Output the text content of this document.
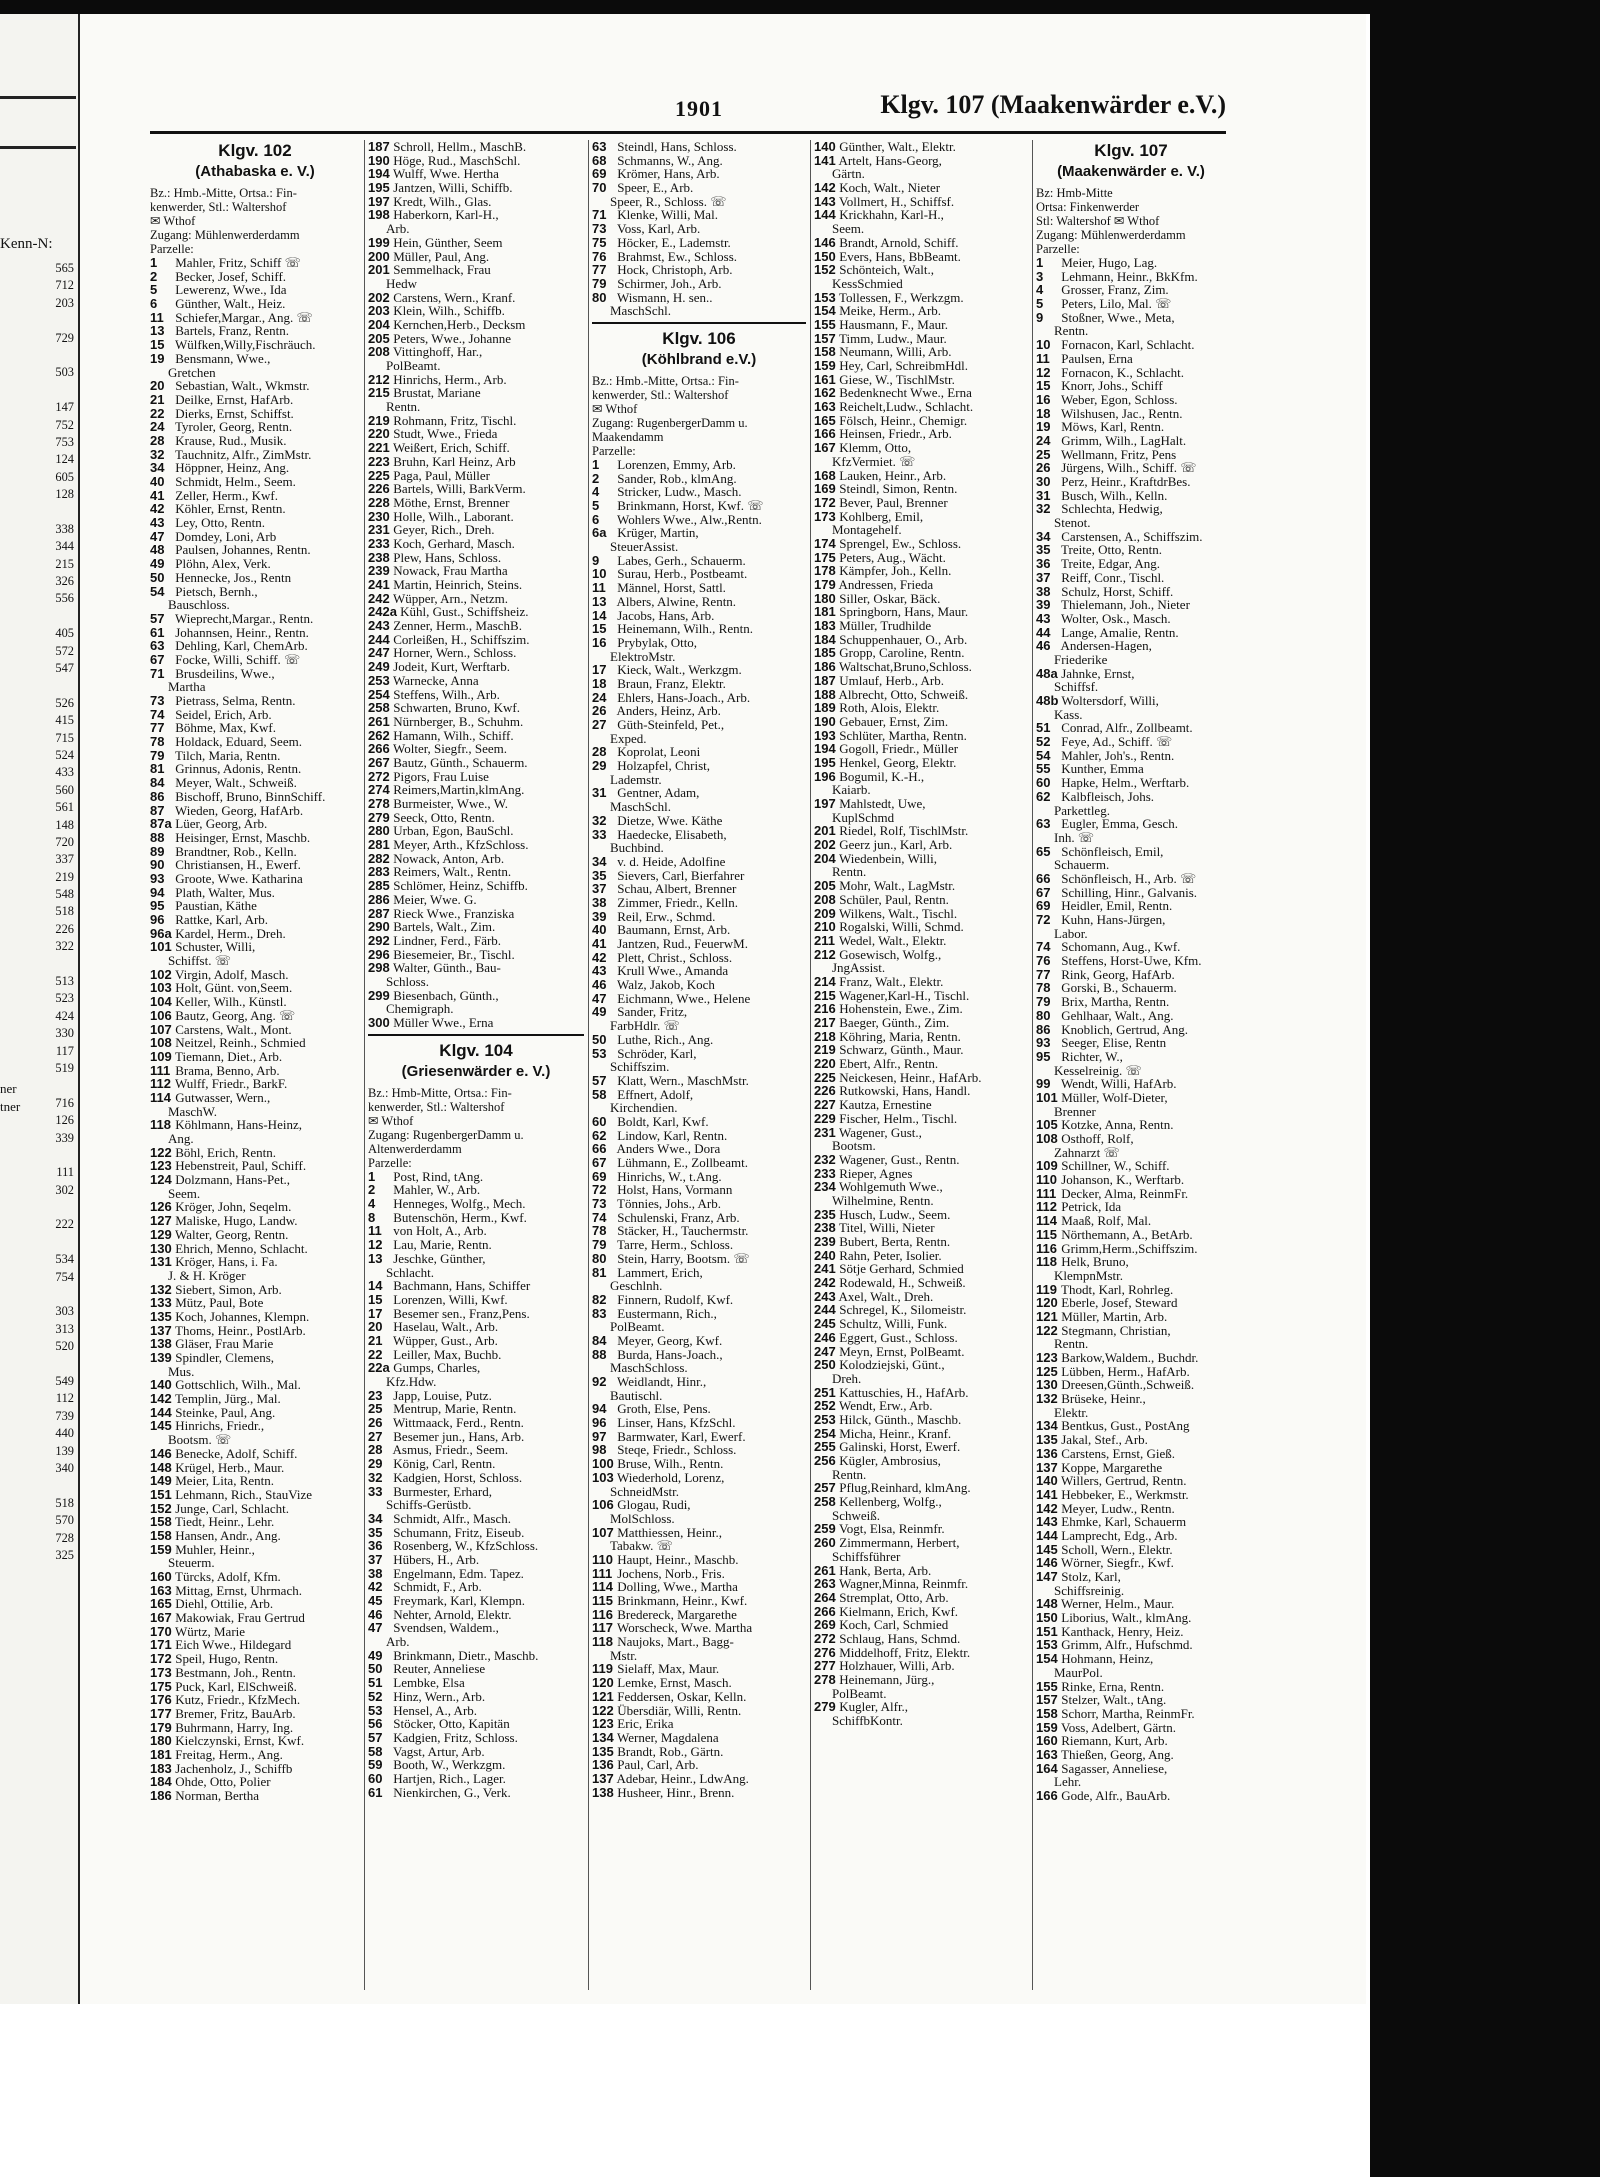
Kenn-N:
565
712
203
729
503
147
752
753
124
605
128
338
344
215
326
556
405
572
547
526
415
715
524
433
560
561
148
720
337
219
548
518
226
322
513
523
424
330
117
519
716
126
339
111
302
222
534
754
303
313
520
549
112
739
440
139
340
518
570
728
325
ner
tner
1901	Klgv. 107 (Maakenwärder e.V.)
Klgv. 102
(Athabaska e. V.)
Bz.: Hmb.-Mitte, Ortsa.: Fin-
kenwerder, Stl.: Waltershof
✉ Wthof
Zugang: Mühlenwerderdamm
Parzelle:
1 Mahler, Fritz, Schiff ☏
2 Becker, Josef, Schiff.
5 Lewerenz, Wwe., Ida
6 Günther, Walt., Heiz.
11 Schiefer,Margar., Ang. ☏
13 Bartels, Franz, Rentn.
15 Wülfken,Willy,Fischräuch.
19 Bensmann, Wwe.,
Gretchen
20 Sebastian, Walt., Wkmstr.
21 Deilke, Ernst, HafArb.
22 Dierks, Ernst, Schiffst.
24 Tyroler, Georg, Rentn.
28 Krause, Rud., Musik.
32 Tauchnitz, Alfr., ZimMstr.
34 Höppner, Heinz, Ang.
40 Schmidt, Helm., Seem.
41 Zeller, Herm., Kwf.
42 Köhler, Ernst, Rentn.
43 Ley, Otto, Rentn.
47 Domdey, Loni, Arb
48 Paulsen, Johannes, Rentn.
49 Plöhn, Alex, Verk.
50 Hennecke, Jos., Rentn
54 Pietsch, Bernh.,
Bauschloss.
57 Wieprecht,Margar., Rentn.
61 Johannsen, Heinr., Rentn.
63 Dehling, Karl, ChemArb.
67 Focke, Willi, Schiff. ☏
71 Brusdeilins, Wwe.,
Martha
73 Pietrass, Selma, Rentn.
74 Seidel, Erich, Arb.
77 Böhme, Max, Kwf.
78 Holdack, Eduard, Seem.
79 Tilch, Maria, Rentn.
81 Grinnus, Adonis, Rentn.
84 Meyer, Walt., Schweiß.
86 Bischoff, Bruno, BinnSchiff.
87 Wieden, Georg, HafArb.
87a Lüer, Georg, Arb.
88 Heisinger, Ernst, Maschb.
89 Brandtner, Rob., Kelln.
90 Christiansen, H., Ewerf.
93 Groote, Wwe. Katharina
94 Plath, Walter, Mus.
95 Paustian, Käthe
96 Rattke, Karl, Arb.
96a Kardel, Herm., Dreh.
101 Schuster, Willi,
Schiffst. ☏
102 Virgin, Adolf, Masch.
103 Holt, Günt. von,Seem.
104 Keller, Wilh., Künstl.
106 Bautz, Georg, Ang. ☏
107 Carstens, Walt., Mont.
108 Neitzel, Reinh., Schmied
109 Tiemann, Diet., Arb.
111 Brama, Benno, Arb.
112 Wulff, Friedr., BarkF.
114 Gutwasser, Wern.,
MaschW.
118 Köhlmann, Hans-Heinz,
Ang.
122 Böhl, Erich, Rentn.
123 Hebenstreit, Paul, Schiff.
124 Dolzmann, Hans-Pet.,
Seem.
126 Kröger, John, Seqelm.
127 Maliske, Hugo, Landw.
129 Walter, Georg, Rentn.
130 Ehrich, Menno, Schlacht.
131 Kröger, Hans, i. Fa.
J. & H. Kröger
132 Siebert, Simon, Arb.
133 Mütz, Paul, Bote
135 Koch, Johannes, Klempn.
137 Thoms, Heinr., PostlArb.
138 Gläser, Frau Marie
139 Spindler, Clemens,
Mus.
140 Gottschlich, Wilh., Mal.
142 Templin, Jürg., Mal.
144 Steinke, Paul, Ang.
145 Hinrichs, Friedr.,
Bootsm. ☏
146 Benecke, Adolf, Schiff.
148 Krügel, Herb., Maur.
149 Meier, Lita, Rentn.
151 Lehmann, Rich., StauVize
152 Junge, Carl, Schlacht.
158 Tiedt, Heinr., Lehr.
158 Hansen, Andr., Ang.
159 Muhler, Heinr.,
Steuerm.
160 Türcks, Adolf, Kfm.
163 Mittag, Ernst, Uhrmach.
165 Diehl, Ottilie, Arb.
167 Makowiak, Frau Gertrud
170 Würtz, Marie
171 Eich Wwe., Hildegard
172 Speil, Hugo, Rentn.
173 Bestmann, Joh., Rentn.
175 Puck, Karl, ElSchweiß.
176 Kutz, Friedr., KfzMech.
177 Bremer, Fritz, BauArb.
179 Buhrmann, Harry, Ing.
180 Kielczynski, Ernst, Kwf.
181 Freitag, Herm., Ang.
183 Jachenholz, J., Schiffb
184 Ohde, Otto, Polier
186 Norman, Bertha
187 Schroll, Hellm., MaschB.
190 Höge, Rud., MaschSchl.
194 Wulff, Wwe. Hertha
195 Jantzen, Willi, Schiffb.
197 Kredt, Wilh., Glas.
198 Haberkorn, Karl-H.,
Arb.
199 Hein, Günther, Seem
200 Müller, Paul, Ang.
201 Semmelhack, Frau
Hedw
202 Carstens, Wern., Kranf.
203 Klein, Wilh., Schiffb.
204 Kernchen,Herb., Decksm
205 Peters, Wwe., Johanne
208 Vittinghoff, Har.,
PolBeamt.
212 Hinrichs, Herm., Arb.
215 Brustat, Mariane
Rentn.
219 Rohmann, Fritz, Tischl.
220 Studt, Wwe., Frieda
221 Weißert, Erich, Schiff.
223 Bruhn, Karl Heinz, Arb
225 Paga, Paul, Müller
226 Bartels, Willi, BarkVerm.
228 Möthe, Ernst, Brenner
230 Holle, Wilh., Laborant.
231 Geyer, Rich., Dreh.
233 Koch, Gerhard, Masch.
238 Plew, Hans, Schloss.
239 Nowack, Frau Martha
241 Martin, Heinrich, Steins.
242 Wüpper, Arn., Netzm.
242a Kühl, Gust., Schiffsheiz.
243 Zenner, Herm., MaschB.
244 Corleißen, H., Schiffszim.
247 Horner, Wern., Schloss.
249 Jodeit, Kurt, Werftarb.
253 Warnecke, Anna
254 Steffens, Wilh., Arb.
258 Schwarten, Bruno, Kwf.
261 Nürnberger, B., Schuhm.
262 Hamann, Wilh., Schiff.
266 Wolter, Siegfr., Seem.
267 Bautz, Günth., Schauerm.
272 Pigors, Frau Luise
274 Reimers,Martin,klmAng.
278 Burmeister, Wwe., W.
279 Seeck, Otto, Rentn.
280 Urban, Egon, BauSchl.
281 Meyer, Arth., KfzSchloss.
282 Nowack, Anton, Arb.
283 Reimers, Walt., Rentn.
285 Schlömer, Heinz, Schiffb.
286 Meier, Wwe. G.
287 Rieck Wwe., Franziska
290 Bartels, Walt., Zim.
292 Lindner, Ferd., Färb.
296 Biesemeier, Br., Tischl.
298 Walter, Günth., Bau-
Schloss.
299 Biesenbach, Günth.,
Chemigraph.
300 Müller Wwe., Erna
Klgv. 104
(Griesenwärder e. V.)
Bz.: Hmb-Mitte, Ortsa.: Fin-
kenwerder, Stl.: Waltershof
✉ Wthof
Zugang: RugenbergerDamm u.
Altenwerderdamm
Parzelle:
1 Post, Rind, tAng.
2 Mahler, W., Arb.
4 Henneges, Wolfg., Mech.
8 Butenschön, Herm., Kwf.
11 von Holt, A., Arb.
12 Lau, Marie, Rentn.
13 Jeschke, Günther,
Schlacht.
14 Bachmann, Hans, Schiffer
15 Lorenzen, Willi, Kwf.
17 Besemer sen., Franz,Pens.
20 Haselau, Walt., Arb.
21 Wüpper, Gust., Arb.
22 Leiller, Max, Buchb.
22a Gumps, Charles,
Kfz.Hdw.
23 Japp, Louise, Putz.
25 Mentrup, Marie, Rentn.
26 Wittmaack, Ferd., Rentn.
27 Besemer jun., Hans, Arb.
28 Asmus, Friedr., Seem.
29 König, Carl, Rentn.
32 Kadgien, Horst, Schloss.
33 Burmester, Erhard,
Schiffs-Gerüstb.
34 Schmidt, Alfr., Masch.
35 Schumann, Fritz, Eiseub.
36 Rosenberg, W., KfzSchloss.
37 Hübers, H., Arb.
38 Engelmann, Edm. Tapez.
42 Schmidt, F., Arb.
45 Freymark, Karl, Klempn.
46 Nehter, Arnold, Elektr.
47 Svendsen, Waldem.,
Arb.
49 Brinkmann, Dietr., Maschb.
50 Reuter, Anneliese
51 Lembke, Elsa
52 Hinz, Wern., Arb.
53 Hensel, A., Arb.
56 Stöcker, Otto, Kapitän
57 Kadgien, Fritz, Schloss.
58 Vagst, Artur, Arb.
59 Booth, W., Werkzgm.
60 Hartjen, Rich., Lager.
61 Nienkirchen, G., Verk.
63 Steindl, Hans, Schloss.
68 Schmanns, W., Ang.
69 Krömer, Hans, Arb.
70 Speer, E., Arb.
Speer, R., Schloss. ☏
71 Klenke, Willi, Mal.
73 Voss, Karl, Arb.
75 Höcker, E., Lademstr.
76 Brahmst, Ew., Schloss.
77 Hock, Christoph, Arb.
79 Schirmer, Joh., Arb.
80 Wismann, H. sen..
MaschSchl.
Klgv. 106
(Köhlbrand e.V.)
Bz.: Hmb.-Mitte, Ortsa.: Fin-
kenwerder, Stl.: Waltershof
✉ Wthof
Zugang: RugenbergerDamm u.
Maakendamm
Parzelle:
1 Lorenzen, Emmy, Arb.
2 Sander, Rob., klmAng.
4 Stricker, Ludw., Masch.
5 Brinkmann, Horst, Kwf. ☏
6 Wohlers Wwe., Alw.,Rentn.
6a Krüger, Martin,
SteuerAssist.
9 Labes, Gerh., Schauerm.
10 Surau, Herb., Postbeamt.
11 Männel, Horst, Sattl.
13 Albers, Alwine, Rentn.
14 Jacobs, Hans, Arb.
15 Heinemann, Wilh., Rentn.
16 Prybylak, Otto,
ElektroMstr.
17 Kieck, Walt., Werkzgm.
18 Braun, Franz, Elektr.
24 Ehlers, Hans-Joach., Arb.
26 Anders, Heinz, Arb.
27 Güth-Steinfeld, Pet.,
Exped.
28 Koprolat, Leoni
29 Holzapfel, Christ,
Lademstr.
31 Gentner, Adam,
MaschSchl.
32 Dietze, Wwe. Käthe
33 Haedecke, Elisabeth,
Buchbind.
34 v. d. Heide, Adolfine
35 Sievers, Carl, Bierfahrer
37 Schau, Albert, Brenner
38 Zimmer, Friedr., Kelln.
39 Reil, Erw., Schmd.
40 Baumann, Ernst, Arb.
41 Jantzen, Rud., FeuerwM.
42 Plett, Christ., Schloss.
43 Krull Wwe., Amanda
46 Walz, Jakob, Koch
47 Eichmann, Wwe., Helene
49 Sander, Fritz,
FarbHdlr. ☏
50 Luthe, Rich., Ang.
53 Schröder, Karl,
Schiffszim.
57 Klatt, Wern., MaschMstr.
58 Effnert, Adolf,
Kirchendien.
60 Boldt, Karl, Kwf.
62 Lindow, Karl, Rentn.
66 Anders Wwe., Dora
67 Lühmann, E., Zollbeamt.
69 Hinrichs, W., t.Ang.
72 Holst, Hans, Vormann
73 Tönnies, Johs., Arb.
74 Schulenski, Franz, Arb.
78 Stäcker, H., Tauchermstr.
79 Tarre, Herm., Schloss.
80 Stein, Harry, Bootsm. ☏
81 Lammert, Erich,
Geschlnh.
82 Finnern, Rudolf, Kwf.
83 Eustermann, Rich.,
PolBeamt.
84 Meyer, Georg, Kwf.
88 Burda, Hans-Joach.,
MaschSchloss.
92 Weidlandt, Hinr.,
Bautischl.
94 Groth, Else, Pens.
96 Linser, Hans, KfzSchl.
97 Barmwater, Karl, Ewerf.
98 Steqe, Friedr., Schloss.
100 Bruse, Wilh., Rentn.
103 Wiederhold, Lorenz,
SchneidMstr.
106 Glogau, Rudi,
MolSchloss.
107 Matthiessen, Heinr.,
Tabakw. ☏
110 Haupt, Heinr., Maschb.
111 Jochens, Norb., Fris.
114 Dolling, Wwe., Martha
115 Brinkmann, Heinr., Kwf.
116 Bredereck, Margarethe
117 Worscheck, Wwe. Martha
118 Naujoks, Mart., Bagg-
Mstr.
119 Sielaff, Max, Maur.
120 Lemke, Ernst, Masch.
121 Feddersen, Oskar, Kelln.
122 Übersdiär, Willi, Rentn.
123 Eric, Erika
134 Werner, Magdalena
135 Brandt, Rob., Gärtn.
136 Paul, Carl, Arb.
137 Adebar, Heinr., LdwAng.
138 Husheer, Hinr., Brenn.
140 Günther, Walt., Elektr.
141 Artelt, Hans-Georg,
Gärtn.
142 Koch, Walt., Nieter
143 Vollmert, H., Schiffsf.
144 Krickhahn, Karl-H.,
Seem.
146 Brandt, Arnold, Schiff.
150 Evers, Hans, BbBeamt.
152 Schönteich, Walt.,
KessSchmied
153 Tollessen, F., Werkzgm.
154 Meike, Herm., Arb.
155 Hausmann, F., Maur.
157 Timm, Ludw., Maur.
158 Neumann, Willi, Arb.
159 Hey, Carl, SchreibmHdl.
161 Giese, W., TischlMstr.
162 Bedenknecht Wwe., Erna
163 Reichelt,Ludw., Schlacht.
165 Fölsch, Heinr., Chemigr.
166 Heinsen, Friedr., Arb.
167 Klemm, Otto,
KfzVermiet. ☏
168 Lauken, Heinr., Arb.
169 Steindl, Simon, Rentn.
172 Bever, Paul, Brenner
173 Kohlberg, Emil,
Montagehelf.
174 Sprengel, Ew., Schloss.
175 Peters, Aug., Wächt.
178 Kämpfer, Joh., Kelln.
179 Andressen, Frieda
180 Siller, Oskar, Bäck.
181 Springborn, Hans, Maur.
183 Müller, Trudhilde
184 Schuppenhauer, O., Arb.
185 Gropp, Caroline, Rentn.
186 Waltschat,Bruno,Schloss.
187 Umlauf, Herb., Arb.
188 Albrecht, Otto, Schweiß.
189 Roth, Alois, Elektr.
190 Gebauer, Ernst, Zim.
193 Schlüter, Martha, Rentn.
194 Gogoll, Friedr., Müller
195 Henkel, Georg, Elektr.
196 Bogumil, K.-H.,
Kaiarb.
197 Mahlstedt, Uwe,
KuplSchmd
201 Riedel, Rolf, TischlMstr.
202 Geerz jun., Karl, Arb.
204 Wiedenbein, Willi,
Rentn.
205 Mohr, Walt., LagMstr.
208 Schüler, Paul, Rentn.
209 Wilkens, Walt., Tischl.
210 Rogalski, Willi, Schmd.
211 Wedel, Walt., Elektr.
212 Gosewisch, Wolfg.,
JngAssist.
214 Franz, Walt., Elektr.
215 Wagener,Karl-H., Tischl.
216 Hohenstein, Ewe., Zim.
217 Baeger, Günth., Zim.
218 Köhring, Maria, Rentn.
219 Schwarz, Günth., Maur.
220 Ebert, Alfr., Rentn.
225 Neickesen, Heinr., HafArb.
226 Rutkowski, Hans, Handl.
227 Kautza, Ernestine
229 Fischer, Helm., Tischl.
231 Wagener, Gust.,
Bootsm.
232 Wagener, Gust., Rentn.
233 Rieper, Agnes
234 Wohlgemuth Wwe.,
Wilhelmine, Rentn.
235 Husch, Ludw., Seem.
238 Titel, Willi, Nieter
239 Bubert, Berta, Rentn.
240 Rahn, Peter, Isolier.
241 Sötje Gerhard, Schmied
242 Rodewald, H., Schweiß.
243 Axel, Walt., Dreh.
244 Schregel, K., Silomeistr.
245 Schultz, Willi, Funk.
246 Eggert, Gust., Schloss.
247 Meyn, Ernst, PolBeamt.
250 Kolodziejski, Günt.,
Dreh.
251 Kattuschies, H., HafArb.
252 Wendt, Erw., Arb.
253 Hilck, Günth., Maschb.
254 Micha, Heinr., Kranf.
255 Galinski, Horst, Ewerf.
256 Kügler, Ambrosius,
Rentn.
257 Pflug,Reinhard, klmAng.
258 Kellenberg, Wolfg.,
Schweiß.
259 Vogt, Elsa, Reinmfr.
260 Zimmermann, Herbert,
Schiffsführer
261 Hank, Berta, Arb.
263 Wagner,Minna, Reinmfr.
264 Stremplat, Otto, Arb.
266 Kielmann, Erich, Kwf.
269 Koch, Carl, Schmied
272 Schlaug, Hans, Schmd.
276 Middelhoff, Fritz, Elektr.
277 Holzhauer, Willi, Arb.
278 Heinemann, Jürg.,
PolBeamt.
279 Kugler, Alfr.,
SchiffbKontr.
Klgv. 107
(Maakenwärder e. V.)
Bz: Hmb-Mitte
Ortsa: Finkenwerder
Stl: Waltershof ✉ Wthof
Zugang: Mühlenwerderdamm
Parzelle:
1 Meier, Hugo, Lag.
3 Lehmann, Heinr., BkKfm.
4 Grosser, Franz, Zim.
5 Peters, Lilo, Mal. ☏
9 Stoßner, Wwe., Meta,
Rentn.
10 Fornacon, Karl, Schlacht.
11 Paulsen, Erna
12 Fornacon, K., Schlacht.
15 Knorr, Johs., Schiff
16 Weber, Egon, Schloss.
18 Wilshusen, Jac., Rentn.
19 Möws, Karl, Rentn.
24 Grimm, Wilh., LagHalt.
25 Wellmann, Fritz, Pens
26 Jürgens, Wilh., Schiff. ☏
30 Perz, Heinr., KraftdrBes.
31 Busch, Wilh., Kelln.
32 Schlechta, Hedwig,
Stenot.
34 Carstensen, A., Schiffszim.
35 Treite, Otto, Rentn.
36 Treite, Edgar, Ang.
37 Reiff, Conr., Tischl.
38 Schulz, Horst, Schiff.
39 Thielemann, Joh., Nieter
43 Wolter, Osk., Masch.
44 Lange, Amalie, Rentn.
46 Andersen-Hagen,
Friederike
48a Jahnke, Ernst,
Schiffsf.
48b Woltersdorf, Willi,
Kass.
51 Conrad, Alfr., Zollbeamt.
52 Feye, Ad., Schiff. ☏
54 Mahler, Joh's., Rentn.
55 Kunther, Emma
60 Hapke, Helm., Werftarb.
62 Kalbfleisch, Johs.
Parkettleg.
63 Eugler, Emma, Gesch.
Inh. ☏
65 Schönfleisch, Emil,
Schauerm.
66 Schönfleisch, H., Arb. ☏
67 Schilling, Hinr., Galvanis.
69 Heidler, Emil, Rentn.
72 Kuhn, Hans-Jürgen,
Labor.
74 Schomann, Aug., Kwf.
76 Steffens, Horst-Uwe, Kfm.
77 Rink, Georg, HafArb.
78 Gorski, B., Schauerm.
79 Brix, Martha, Rentn.
80 Gehlhaar, Walt., Ang.
86 Knoblich, Gertrud, Ang.
93 Seeger, Elise, Rentn
95 Richter, W.,
Kesselreinig. ☏
99 Wendt, Willi, HafArb.
101 Müller, Wolf-Dieter,
Brenner
105 Kotzke, Anna, Rentn.
108 Osthoff, Rolf,
Zahnarzt ☏
109 Schillner, W., Schiff.
110 Johanson, K., Werftarb.
111 Decker, Alma, ReinmFr.
112 Petrick, Ida
114 Maaß, Rolf, Mal.
115 Nörthemann, A., BetArb.
116 Grimm,Herm.,Schiffszim.
118 Helk, Bruno,
KlempnMstr.
119 Thodt, Karl, Rohrleg.
120 Eberle, Josef, Steward
121 Müller, Martin, Arb.
122 Stegmann, Christian,
Rentn.
123 Barkow,Waldem., Buchdr.
125 Lübben, Herm., HafArb.
130 Dreesen,Günth.,Schweiß.
132 Brüseke, Heinr.,
Elektr.
134 Bentkus, Gust., PostAng
135 Jakal, Stef., Arb.
136 Carstens, Ernst, Gieß.
137 Koppe, Margarethe
140 Willers, Gertrud, Rentn.
141 Hebbeker, E., Werkmstr.
142 Meyer, Ludw., Rentn.
143 Ehmke, Karl, Schauerm
144 Lamprecht, Edg., Arb.
145 Scholl, Wern., Elektr.
146 Wörner, Siegfr., Kwf.
147 Stolz, Karl,
Schiffsreinig.
148 Werner, Helm., Maur.
150 Liborius, Walt., klmAng.
151 Kanthack, Henry, Heiz.
153 Grimm, Alfr., Hufschmd.
154 Hohmann, Heinz,
MaurPol.
155 Rinke, Erna, Rentn.
157 Stelzer, Walt., tAng.
158 Schorr, Martha, ReinmFr.
159 Voss, Adelbert, Gärtn.
160 Riemann, Kurt, Arb.
163 Thießen, Georg, Ang.
164 Sagasser, Anneliese,
Lehr.
166 Gode, Alfr., BauArb.
